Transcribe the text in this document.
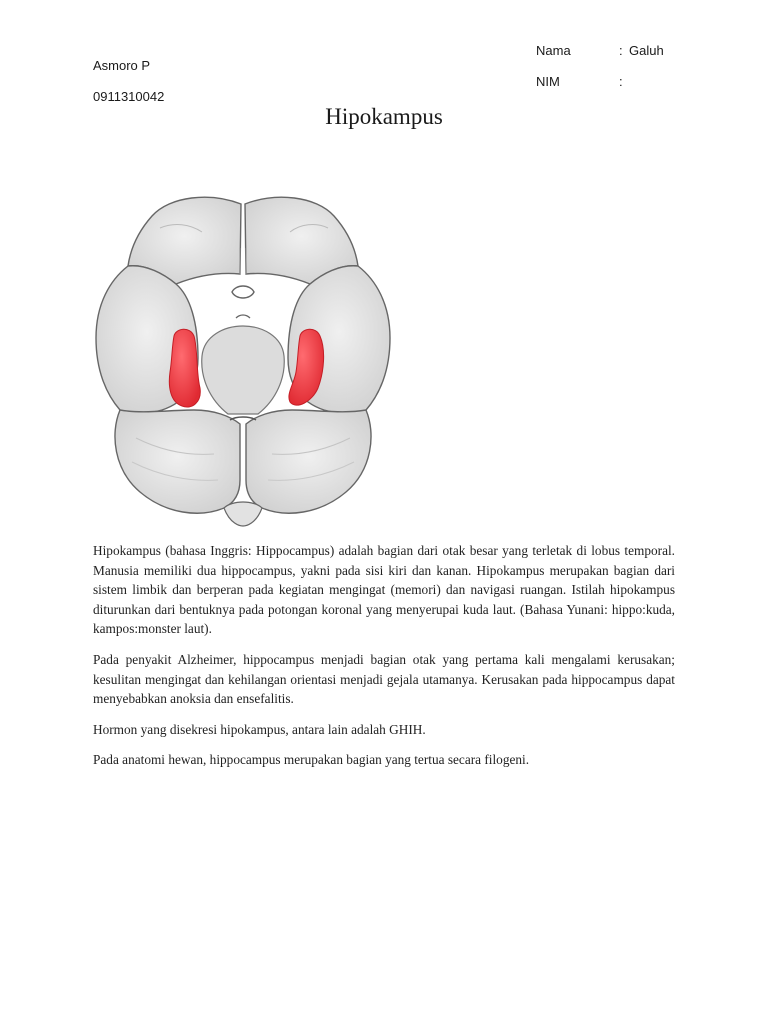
Nama	: Galuh
NIM	:
Asmoro P
0911310042
Hipokampus

Hipokampus (bahasa Inggris: Hippocampus) adalah bagian dari otak besar yang terletak di lobus temporal. Manusia memiliki dua hippocampus, yakni pada sisi kiri dan kanan. Hipokampus merupakan bagian dari sistem limbik dan berperan pada kegiatan mengingat (memori) dan navigasi ruangan. Istilah hipokampus diturunkan dari bentuknya pada potongan koronal yang menyerupai kuda laut. (Bahasa Yunani: hippo:kuda, kampos:monster laut).

Pada penyakit Alzheimer, hippocampus menjadi bagian otak yang pertama kali mengalami kerusakan; kesulitan mengingat dan kehilangan orientasi menjadi gejala utamanya. Kerusakan pada hippocampus dapat menyebabkan anoksia dan ensefalitis.

Hormon yang disekresi hipokampus, antara lain adalah GHIH.

Pada anatomi hewan, hippocampus merupakan bagian yang tertua secara filogeni.
